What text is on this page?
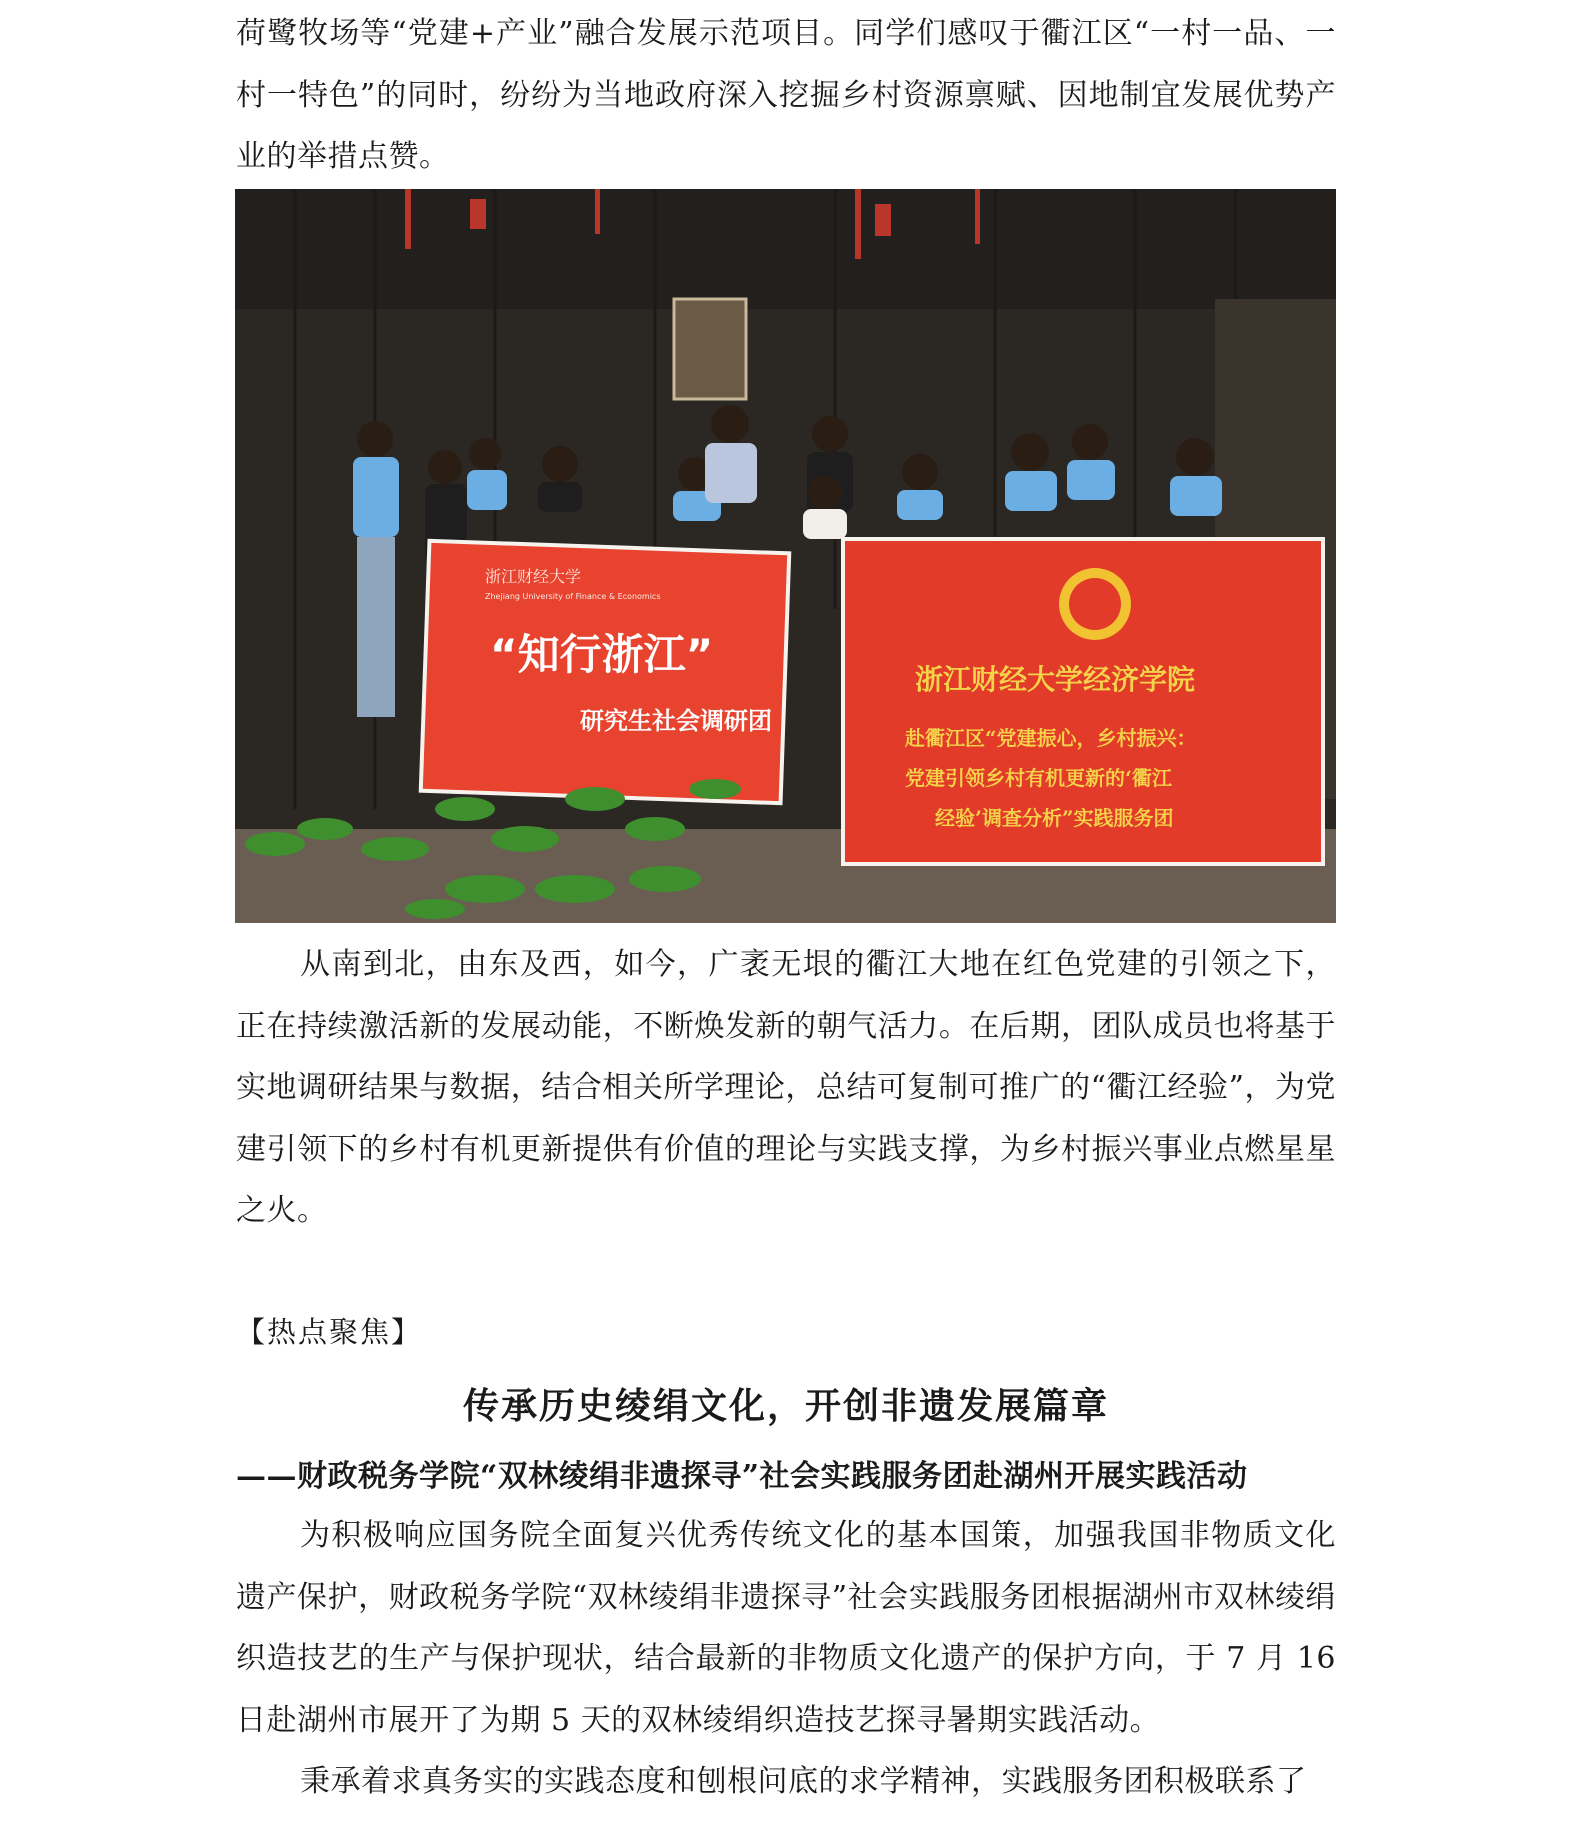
荷鹭牧场等“党建+产业”融合发展示范项目。同学们感叹于衢江区“一村一品、一村一特色”的同时，纷纷为当地政府深入挖掘乡村资源禀赋、因地制宜发展优势产业的举措点赞。

浙江财经大学
Zhejiang University of Finance & Economics
“知行浙江”
研究生社会调研团
浙江财经大学经济学院
赴衢江区“党建振心，乡村振兴：
党建引领乡村有机更新的‘衢江
经验’调查分析”实践服务团

从南到北，由东及西，如今，广袤无垠的衢江大地在红色党建的引领之下，正在持续激活新的发展动能，不断焕发新的朝气活力。在后期，团队成员也将基于实地调研结果与数据，结合相关所学理论，总结可复制可推广的“衢江经验”，为党建引领下的乡村有机更新提供有价值的理论与实践支撑，为乡村振兴事业点燃星星之火。

【热点聚焦】
传承历史绫绢文化，开创非遗发展篇章
——财政税务学院“双林绫绢非遗探寻”社会实践服务团赴湖州开展实践活动

为积极响应国务院全面复兴优秀传统文化的基本国策，加强我国非物质文化遗产保护，财政税务学院“双林绫绢非遗探寻”社会实践服务团根据湖州市双林绫绢织造技艺的生产与保护现状，结合最新的非物质文化遗产的保护方向，于 7 月 16 日赴湖州市展开了为期 5 天的双林绫绢织造技艺探寻暑期实践活动。

秉承着求真务实的实践态度和刨根问底的求学精神，实践服务团积极联系了
